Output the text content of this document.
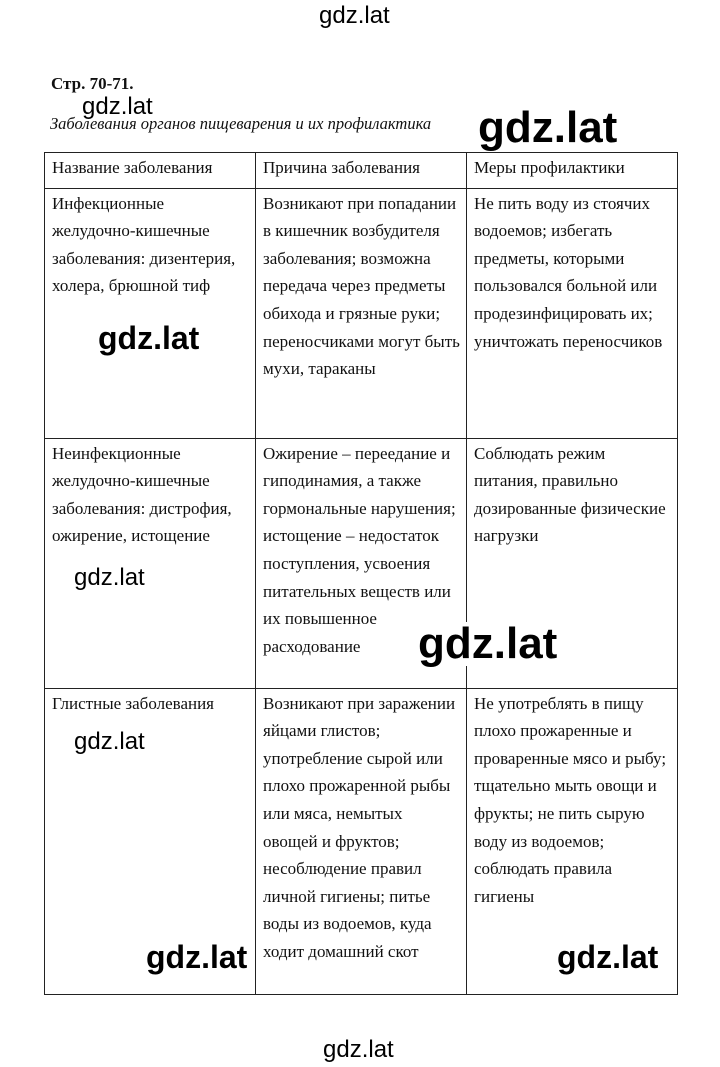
Стр. 70-71.
Заболевания органов пищеварения и их профилактика
Название заболевания	Причина заболевания	Меры профилактики
Инфекционные желудочно-кишечные заболевания: дизентерия, холера, брюшной тиф	Возникают при попадании в кишечник возбудителя заболевания; возможна передача через предметы обихода и грязные руки; переносчиками могут быть мухи, тараканы	Не пить воду из стоячих водоемов; избегать предметы, которыми пользовался больной или продезинфицировать их; уничтожать переносчиков
Неинфекционные желудочно-кишечные заболевания: дистрофия, ожирение, истощение	Ожирение – переедание и гиподинамия, а также гормональные нарушения; истощение – недостаток поступления, усвоения питательных веществ или их повышенное расходование	Соблюдать режим питания, правильно дозированные физические нагрузки
Глистные заболевания	Возникают при заражении яйцами глистов; употребление сырой или плохо прожаренной рыбы или мяса, немытых овощей и фруктов; несоблюдение правил личной гигиены; питье воды из водоемов, куда ходит домашний скот	Не употреблять в пищу плохо прожаренные и проваренные мясо и рыбу; тщательно мыть овощи и фрукты; не пить сырую воду из водоемов; соблюдать правила гигиены
gdz.lat
gdz.lat	gdz.lat
gdz.lat
gdz.lat
gdz.lat
gdz.lat
gdz.lat	gdz.lat
gdz.lat
